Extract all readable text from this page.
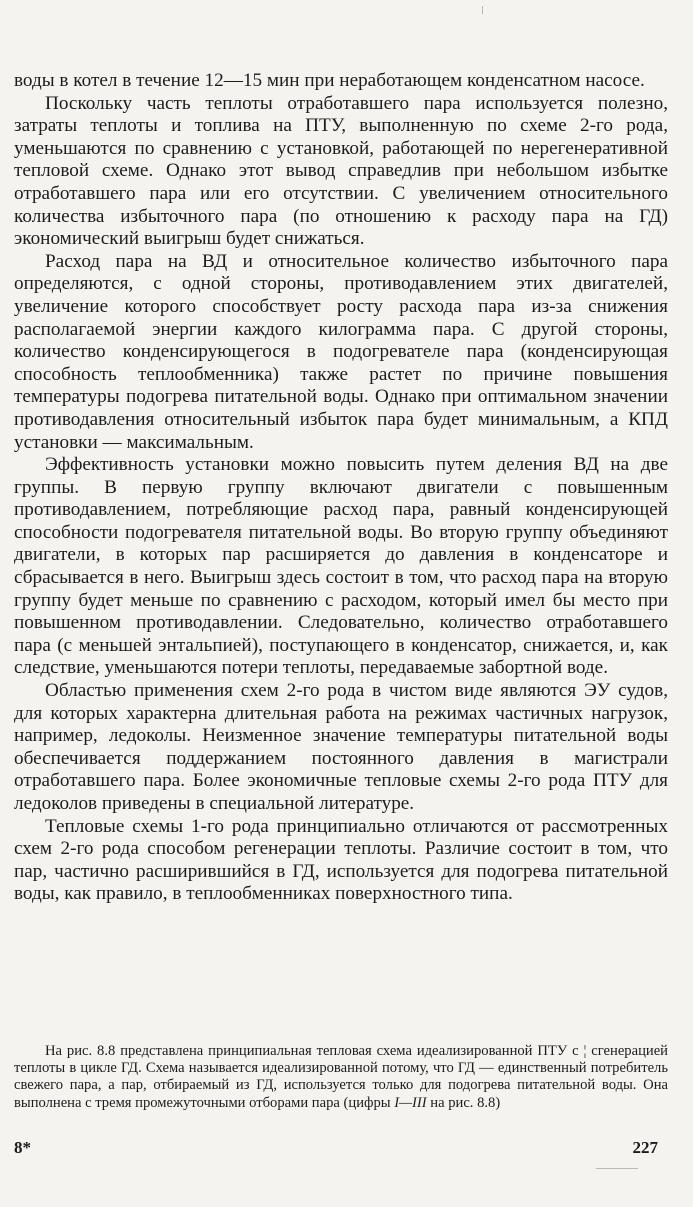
воды в котел в течение 12—15 мин при неработающем конденсатном насосе.

Поскольку часть теплоты отработавшего пара используется полезно, затраты теплоты и топлива на ПТУ, выполненную по схеме 2-го рода, уменьшаются по сравнению с установкой, работающей по нерегенеративной тепловой схеме. Однако этот вывод справедлив при небольшом избытке отработавшего пара или его отсутствии. С увеличением относительного количества избыточного пара (по отношению к расходу пара на ГД) экономический выигрыш будет снижаться.

Расход пара на ВД и относительное количество избыточного пара определяются, с одной стороны, противодавлением этих двигателей, увеличение которого способствует росту расхода пара из-за снижения располагаемой энергии каждого килограмма пара. С другой стороны, количество конденсирующегося в подогревателе пара (конденсирующая способность теплообменника) также растет по причине повышения температуры подогрева питательной воды. Однако при оптимальном значении противодавления относительный избыток пара будет минимальным, а КПД установки — максимальным.

Эффективность установки можно повысить путем деления ВД на две группы. В первую группу включают двигатели с повышенным противодавлением, потребляющие расход пара, равный конденсирующей способности подогревателя питательной воды. Во вторую группу объединяют двигатели, в которых пар расширяется до давления в конденсаторе и сбрасывается в него. Выигрыш здесь состоит в том, что расход пара на вторую группу будет меньше по сравнению с расходом, который имел бы место при повышенном противодавлении. Следовательно, количество отработавшего пара (с меньшей энтальпией), поступающего в конденсатор, снижается, и, как следствие, уменьшаются потери теплоты, передаваемые забортной воде.

Областью применения схем 2-го рода в чистом виде являются ЭУ судов, для которых характерна длительная работа на режимах частичных нагрузок, например, ледоколы. Неизменное значение температуры питательной воды обеспечивается поддержанием постоянного давления в магистрали отработавшего пара. Более экономичные тепловые схемы 2-го рода ПТУ для ледоколов приведены в специальной литературе.

Тепловые схемы 1-го рода принципиально отличаются от рассмотренных схем 2-го рода способом регенерации теплоты. Различие состоит в том, что пар, частично расширившийся в ГД, используется для подогрева питательной воды, как правило, в теплообменниках поверхностного типа.

На рис. 8.8 представлена принципиальная тепловая схема идеализированной ПТУ с ¦ сгенерацией теплоты в цикле ГД. Схема называется идеализированной потому, что ГД — единственный потребитель свежего пара, а пар, отбираемый из ГД, используется только для подогрева питательной воды. Она выполнена с тремя промежуточными отборами пара (цифры I—III на рис. 8.8)

8*	227
